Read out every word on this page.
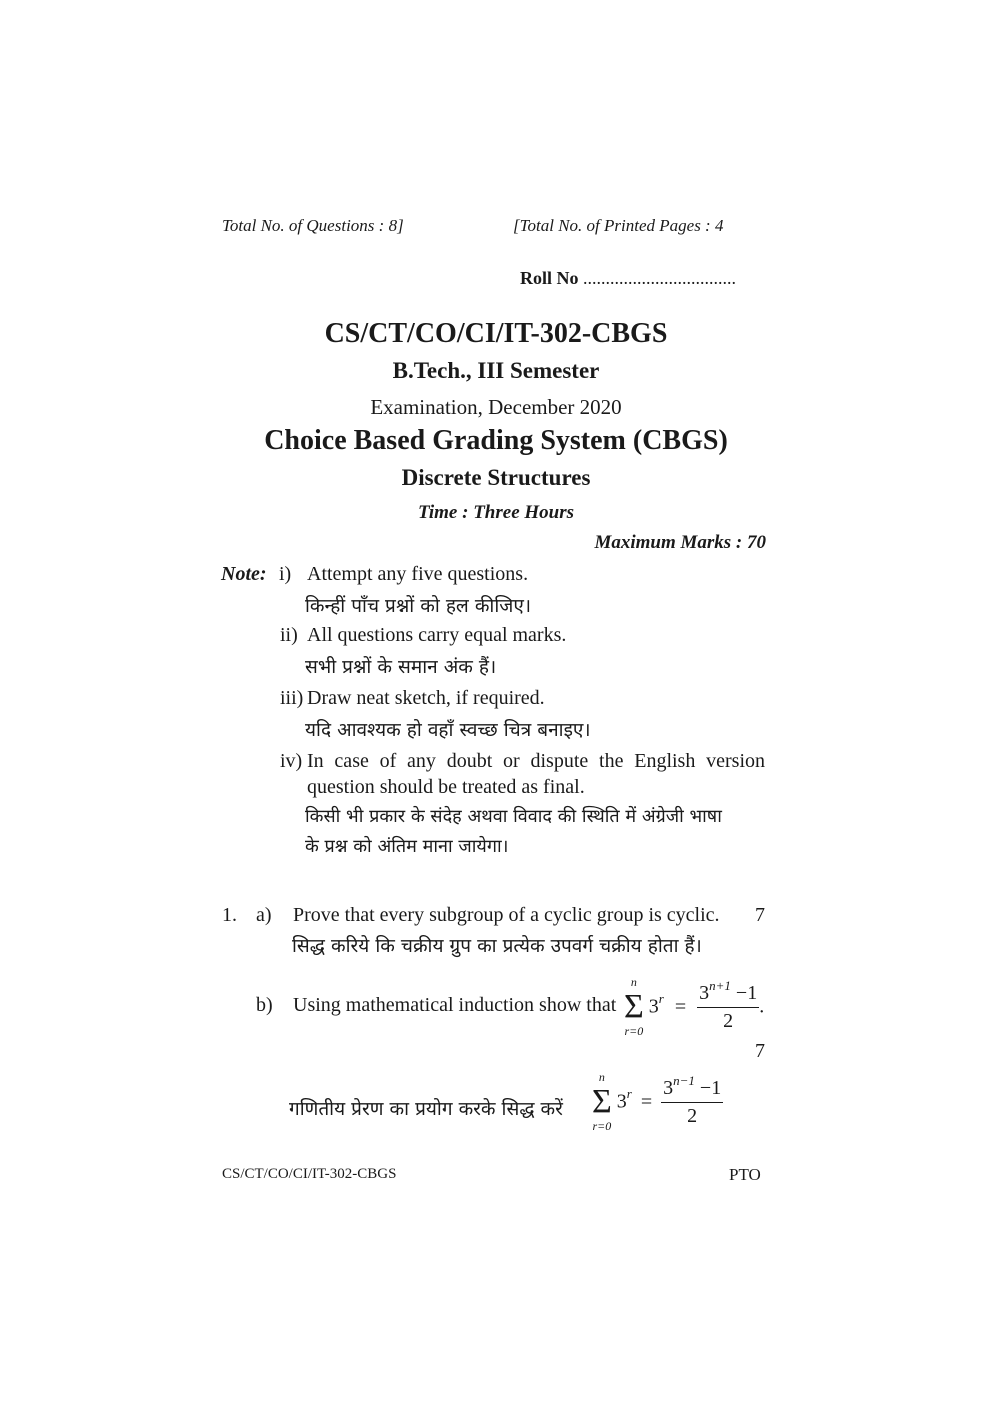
Total No. of Questions : 8]	[Total No. of Printed Pages : 4
Roll No ..................................
CS/CT/CO/CI/IT-302-CBGS
B.Tech., III Semester
Examination, December 2020
Choice Based Grading System (CBGS)
Discrete Structures
Time : Three Hours
Maximum Marks : 70
Note: i) Attempt any five questions.
किन्हीं पाँच प्रश्नों को हल कीजिए।
ii) All questions carry equal marks.
सभी प्रश्नों के समान अंक हैं।
iii) Draw neat sketch, if required.
यदि आवश्यक हो वहाँ स्वच्छ चित्र बनाइए।
iv) In case of any doubt or dispute the English version
question should be treated as final.
किसी भी प्रकार के संदेह अथवा विवाद की स्थिति में अंग्रेजी भाषा
के प्रश्न को अंतिम माना जायेगा।
1. a) Prove that every subgroup of a cyclic group is cyclic. 7
सिद्ध करिये कि चक्रीय ग्रुप का प्रत्येक उपवर्ग चक्रीय होता हैं।
b) Using mathematical induction show that
n
Σ
r=0
$3^r = \frac{3^{n+1} -1}{2}$ .
7
गणितीय प्रेरण का प्रयोग करके सिद्ध करें
n
Σ
r=0
$3^r = \frac{3^{n-1} -1}{2}$
CS/CT/CO/CI/IT-302-CBGS	PTO
